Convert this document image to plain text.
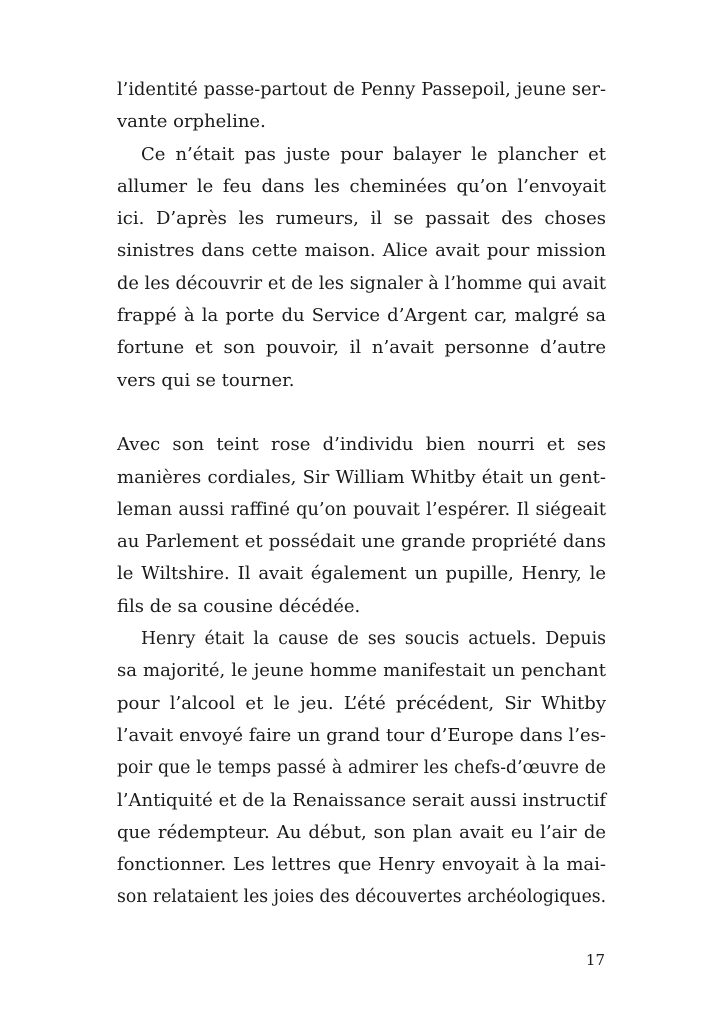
l’identité passe-partout de Penny Passepoil, jeune ser-
vante orpheline.
Ce n’était pas juste pour balayer le plancher et
allumer le feu dans les cheminées qu’on l’envoyait
ici. D’après les rumeurs, il se passait des choses
sinistres dans cette maison. Alice avait pour mission
de les découvrir et de les signaler à l’homme qui avait
frappé à la porte du Service d’Argent car, malgré sa
fortune et son pouvoir, il n’avait personne d’autre
vers qui se tourner.
Avec son teint rose d’individu bien nourri et ses
manières cordiales, Sir William Whitby était un gent-
leman aussi raffiné qu’on pouvait l’espérer. Il siégeait
au Parlement et possédait une grande propriété dans
le Wiltshire. Il avait également un pupille, Henry, le
fils de sa cousine décédée.
Henry était la cause de ses soucis actuels. Depuis
sa majorité, le jeune homme manifestait un penchant
pour l’alcool et le jeu. L’été précédent, Sir Whitby
l’avait envoyé faire un grand tour d’Europe dans l’es-
poir que le temps passé à admirer les chefs-d’œuvre de
l’Antiquité et de la Renaissance serait aussi instructif
que rédempteur. Au début, son plan avait eu l’air de
fonctionner. Les lettres que Henry envoyait à la mai-
son relataient les joies des découvertes archéologiques.
17
